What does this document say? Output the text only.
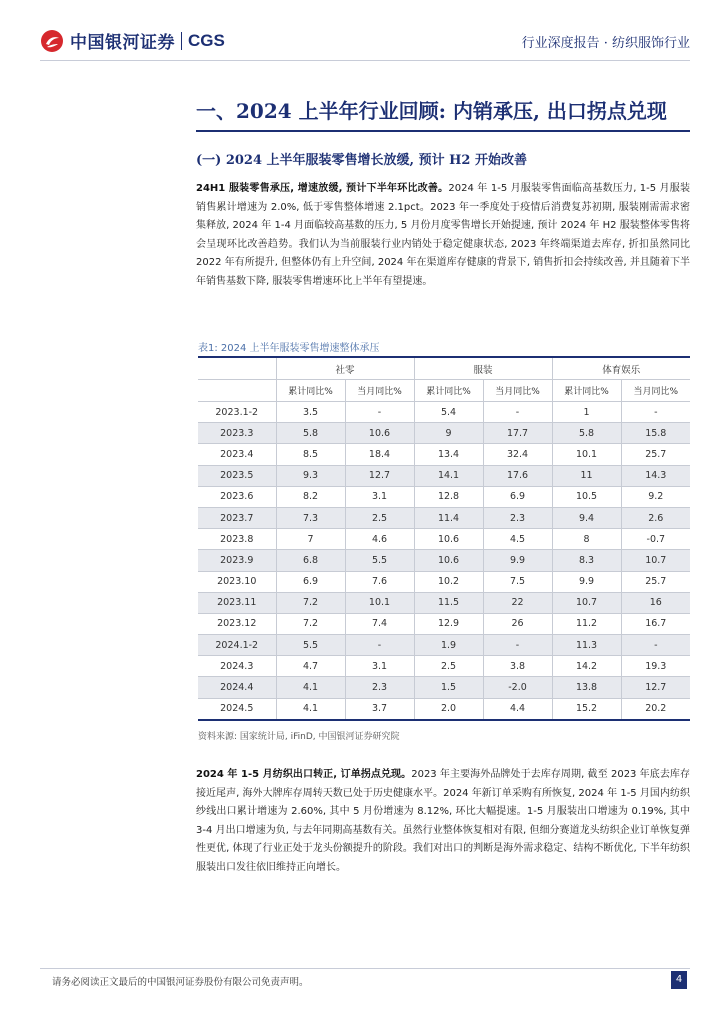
中国银河证券 CGS	行业深度报告 · 纺织服饰行业
一、2024 上半年行业回顾: 内销承压, 出口拐点兑现
(一) 2024 上半年服装零售增长放缓, 预计 H2 开始改善
24H1 服装零售承压, 增速放缓, 预计下半年环比改善。2024 年 1-5 月服装零售面临高基数压力, 1-5 月服装销售累计增速为 2.0%, 低于零售整体增速 2.1pct。2023 年一季度处于疫情后消费复苏初期, 服装刚需需求密集释放, 2024 年 1-4 月面临较高基数的压力, 5 月份月度零售增长开始提速, 预计 2024 年 H2 服装整体零售将会呈现环比改善趋势。我们认为当前服装行业内销处于稳定健康状态, 2023 年终端渠道去库存, 折扣虽然同比 2022 年有所提升, 但整体仍有上升空间, 2024 年在渠道库存健康的背景下, 销售折扣会持续改善, 并且随着下半年销售基数下降, 服装零售增速环比上半年有望提速。
表1: 2024 上半年服装零售增速整体承压
	社零		服装		体育娱乐	
	累计同比%	当月同比%	累计同比%	当月同比%	累计同比%	当月同比%
2023.1-2	3.5	-	5.4	-	1	-
2023.3	5.8	10.6	9	17.7	5.8	15.8
2023.4	8.5	18.4	13.4	32.4	10.1	25.7
2023.5	9.3	12.7	14.1	17.6	11	14.3
2023.6	8.2	3.1	12.8	6.9	10.5	9.2
2023.7	7.3	2.5	11.4	2.3	9.4	2.6
2023.8	7	4.6	10.6	4.5	8	-0.7
2023.9	6.8	5.5	10.6	9.9	8.3	10.7
2023.10	6.9	7.6	10.2	7.5	9.9	25.7
2023.11	7.2	10.1	11.5	22	10.7	16
2023.12	7.2	7.4	12.9	26	11.2	16.7
2024.1-2	5.5	-	1.9	-	11.3	-
2024.3	4.7	3.1	2.5	3.8	14.2	19.3
2024.4	4.1	2.3	1.5	-2.0	13.8	12.7
2024.5	4.1	3.7	2.0	4.4	15.2	20.2
资料来源: 国家统计局, iFinD, 中国银河证券研究院
2024 年 1-5 月纺织出口转正, 订单拐点兑现。2023 年主要海外品牌处于去库存周期, 截至 2023 年底去库存接近尾声, 海外大牌库存周转天数已处于历史健康水平。2024 年新订单采购有所恢复, 2024 年 1-5 月国内纺织纱线出口累计增速为 2.60%, 其中 5 月份增速为 8.12%, 环比大幅提速。1-5 月服装出口增速为 0.19%, 其中 3-4 月出口增速为负, 与去年同期高基数有关。虽然行业整体恢复相对有限, 但细分赛道龙头纺织企业订单恢复弹性更优, 体现了行业正处于龙头份额提升的阶段。我们对出口的判断是海外需求稳定、结构不断优化, 下半年纺织服装出口发往依旧维持正向增长。
请务必阅读正文最后的中国银河证券股份有限公司免责声明。	4
